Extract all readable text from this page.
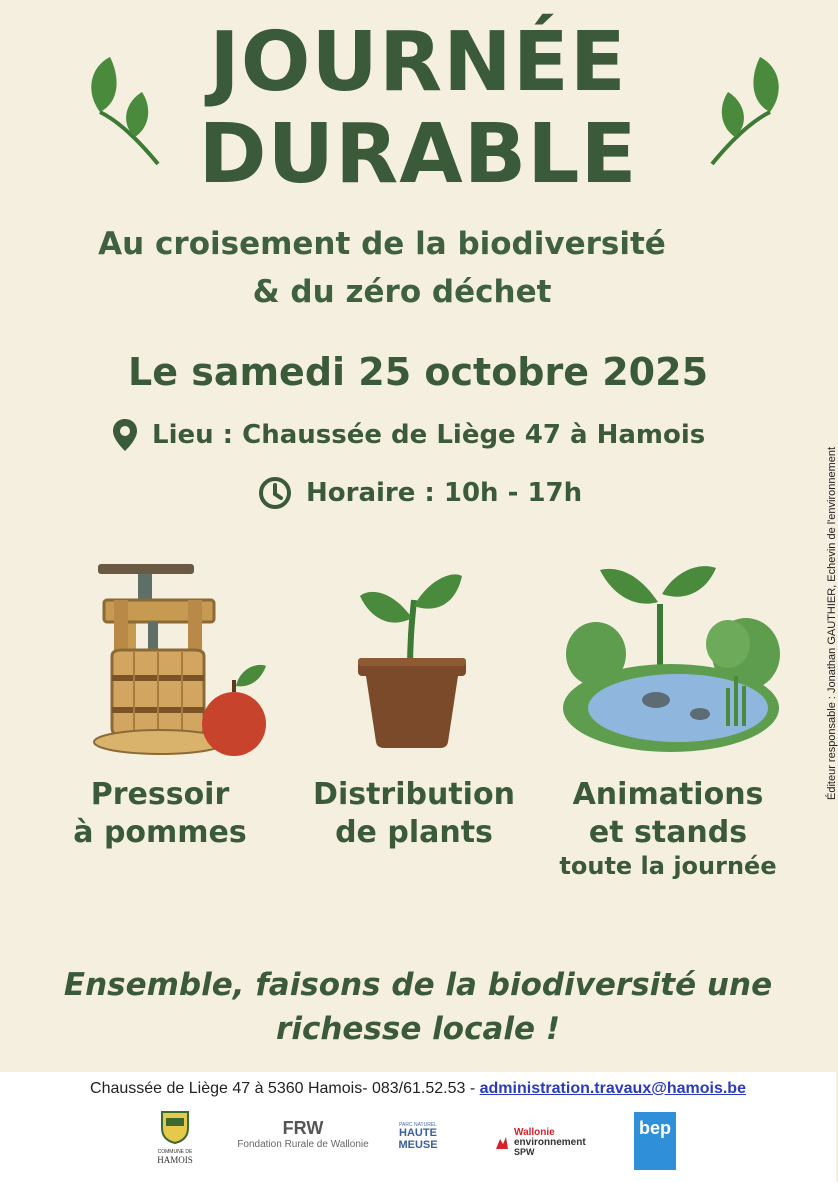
JOURNÉE
DURABLE
Au croisement de la biodiversité
& du zéro déchet
Le samedi 25 octobre 2025
Lieu : Chaussée de Liège 47 à Hamois
Horaire : 10h - 17h
Pressoir
à pommes
Distribution
de plants
Animations
et stands
toute la journée
Ensemble, faisons de la biodiversité une
richesse locale !
Éditeur responsable : Jonathan GAUTHIER, Echevin de l'environnement
Chaussée de Liège 47 à 5360 Hamois- 083/61.52.53 - administration.travaux@hamois.be
COMMUNE DE
HAMOIS
FRW
Fondation Rurale de Wallonie
PARC NATUREL
HAUTE
MEUSE
Wallonie
environnement
SPW
bep
